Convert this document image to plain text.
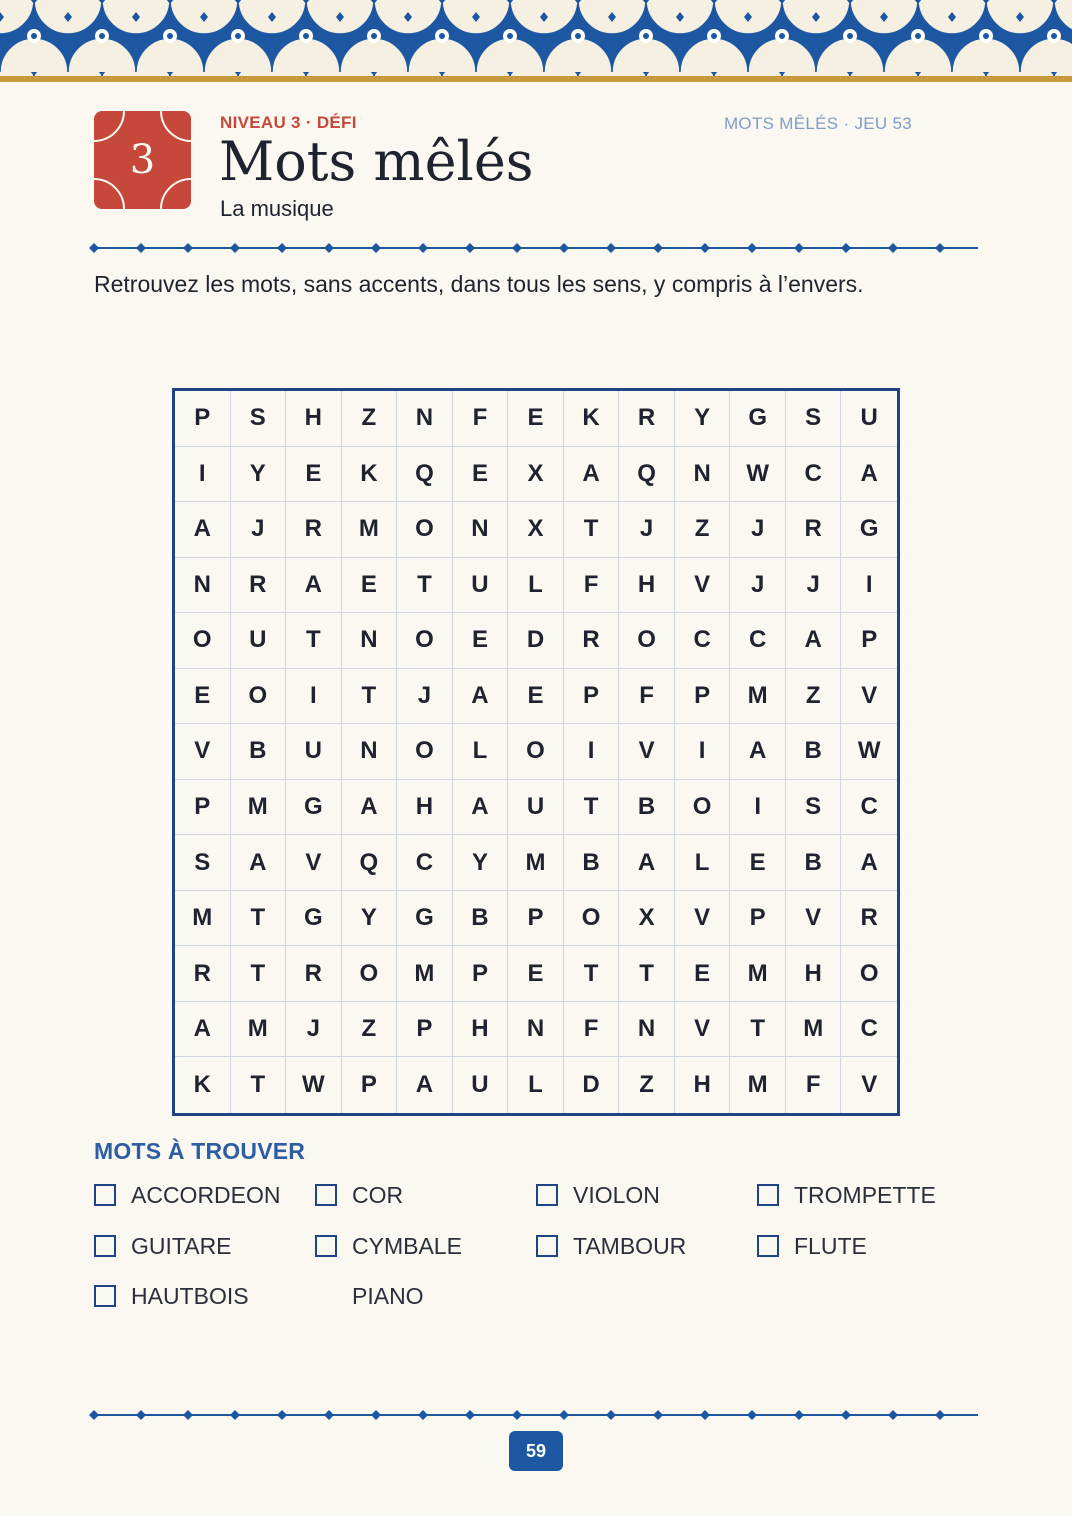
3
NIVEAU 3 · DÉFI	MOTS MÊLÉS · JEU 53
Mots mêlés
La musique
Retrouvez les mots, sans accents, dans tous les sens, y compris à l’envers.
P	S	H	Z	N	F	E	K	R	Y	G	S	U
I	Y	E	K	Q	E	X	A	Q	N	W	C	A
A	J	R	M	O	N	X	T	J	Z	J	R	G
N	R	A	E	T	U	L	F	H	V	J	J	I
O	U	T	N	O	E	D	R	O	C	C	A	P
E	O	I	T	J	A	E	P	F	P	M	Z	V
V	B	U	N	O	L	O	I	V	I	A	B	W
P	M	G	A	H	A	U	T	B	O	I	S	C
S	A	V	Q	C	Y	M	B	A	L	E	B	A
M	T	G	Y	G	B	P	O	X	V	P	V	R
R	T	R	O	M	P	E	T	T	E	M	H	O
A	M	J	Z	P	H	N	F	N	V	T	M	C
K	T	W	P	A	U	L	D	Z	H	M	F	V
MOTS À TROUVER
ACCORDEON	COR	VIOLON	TROMPETTE
GUITARE	CYMBALE	TAMBOUR	FLUTE
HAUTBOIS	PIANO
59
